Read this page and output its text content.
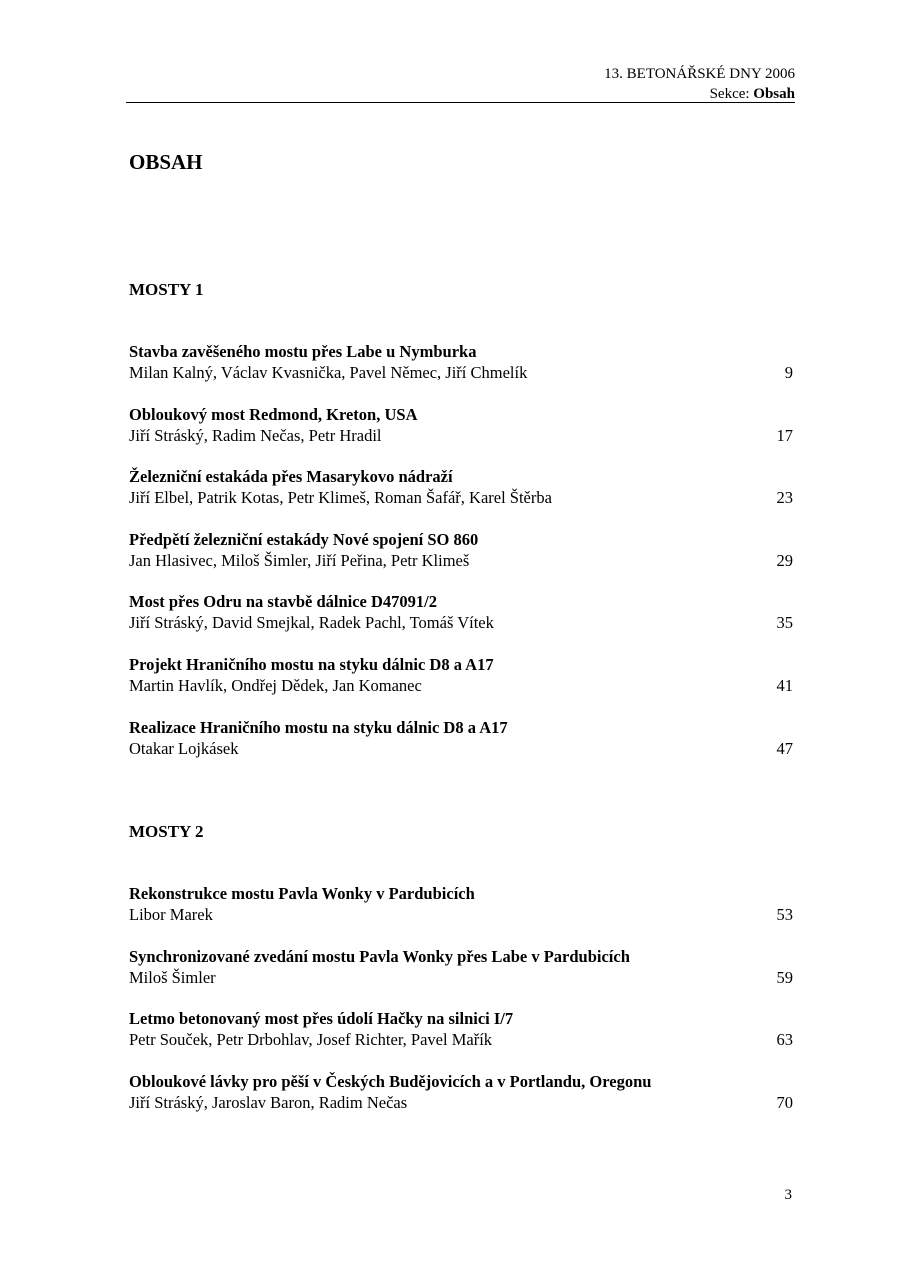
13. BETONÁŘSKÉ DNY 2006
Sekce: Obsah
OBSAH
MOSTY 1
Stavba zavěšeného mostu přes Labe u Nymburka
Milan Kalný, Václav Kvasnička, Pavel Němec, Jiří Chmelík	9
Obloukový most Redmond, Kreton, USA
Jiří Stráský, Radim Nečas, Petr Hradil	17
Železniční estakáda přes Masarykovo nádraží
Jiří Elbel, Patrik Kotas, Petr Klimeš, Roman Šafář, Karel Štěrba	23
Předpětí železniční estakády Nové spojení SO 860
Jan Hlasivec, Miloš Šimler, Jiří Peřina, Petr Klimeš	29
Most přes Odru na stavbě dálnice D47091/2
Jiří Stráský, David Smejkal, Radek Pachl, Tomáš Vítek	35
Projekt Hraničního mostu na styku dálnic D8 a A17
Martin Havlík, Ondřej Dědek, Jan Komanec	41
Realizace Hraničního mostu na styku dálnic D8 a A17
Otakar Lojkásek	47
MOSTY 2
Rekonstrukce mostu Pavla Wonky v Pardubicích
Libor Marek	53
Synchronizované zvedání mostu Pavla Wonky přes Labe v Pardubicích
Miloš Šimler	59
Letmo betonovaný most přes údolí Hačky na silnici I/7
Petr Souček, Petr Drbohlav, Josef Richter, Pavel Mařík	63
Obloukové lávky pro pěší v Českých Budějovicích a v Portlandu, Oregonu
Jiří Stráský, Jaroslav Baron, Radim Nečas	70
3
